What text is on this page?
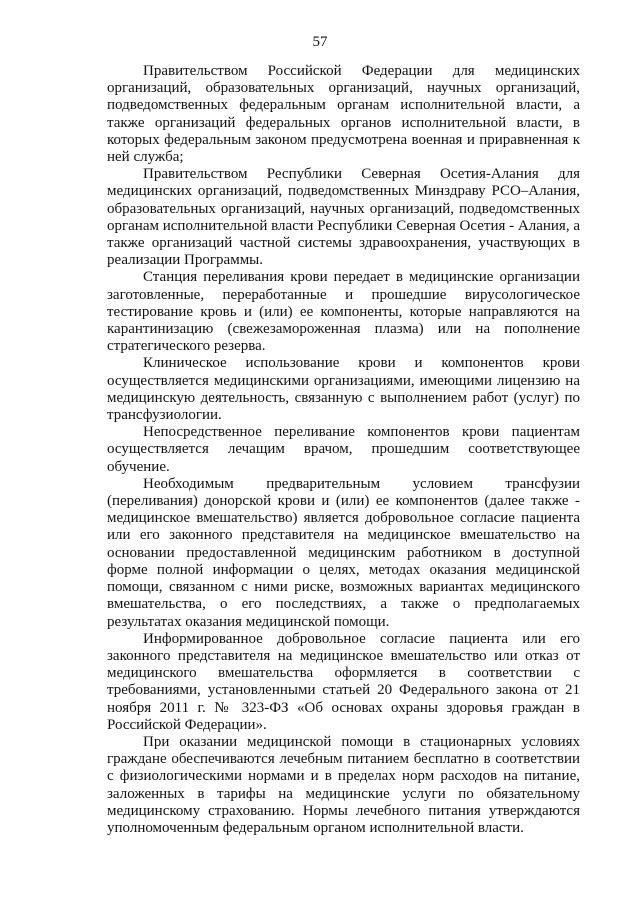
57

Правительством Российской Федерации для медицинских организаций, образовательных организаций, научных организаций, подведомственных федеральным органам исполнительной власти, а также организаций федеральных органов исполнительной власти, в которых федеральным законом предусмотрена военная и приравненная к ней служба;

Правительством Республики Северная Осетия-Алания для медицинских организаций, подведомственных Минздраву РСО–Алания, образовательных организаций, научных организаций, подведомственных органам исполнительной власти Республики Северная Осетия - Алания, а также организаций частной системы здравоохранения, участвующих в реализации Программы.

Станция переливания крови передает в медицинские организации заготовленные, переработанные и прошедшие вирусологическое тестирование кровь и (или) ее компоненты, которые направляются на карантинизацию (свежезамороженная плазма) или на пополнение стратегического резерва.

Клиническое использование крови и компонентов крови осуществляется медицинскими организациями, имеющими лицензию на медицинскую деятельность, связанную с выполнением работ (услуг) по трансфузиологии.

Непосредственное переливание компонентов крови пациентам осуществляется лечащим врачом, прошедшим соответствующее обучение.

Необходимым предварительным условием трансфузии (переливания) донорской крови и (или) ее компонентов (далее также - медицинское вмешательство) является добровольное согласие пациента или его законного представителя на медицинское вмешательство на основании предоставленной медицинским работником в доступной форме полной информации о целях, методах оказания медицинской помощи, связанном с ними риске, возможных вариантах медицинского вмешательства, о его последствиях, а также о предполагаемых результатах оказания медицинской помощи.

Информированное добровольное согласие пациента или его законного представителя на медицинское вмешательство или отказ от медицинского вмешательства оформляется в соответствии с требованиями, установленными статьей 20 Федерального закона от 21 ноября 2011 г. № 323-ФЗ «Об основах охраны здоровья граждан в Российской Федерации».

При оказании медицинской помощи в стационарных условиях граждане обеспечиваются лечебным питанием бесплатно в соответствии с физиологическими нормами и в пределах норм расходов на питание, заложенных в тарифы на медицинские услуги по обязательному медицинскому страхованию. Нормы лечебного питания утверждаются уполномоченным федеральным органом исполнительной власти.
